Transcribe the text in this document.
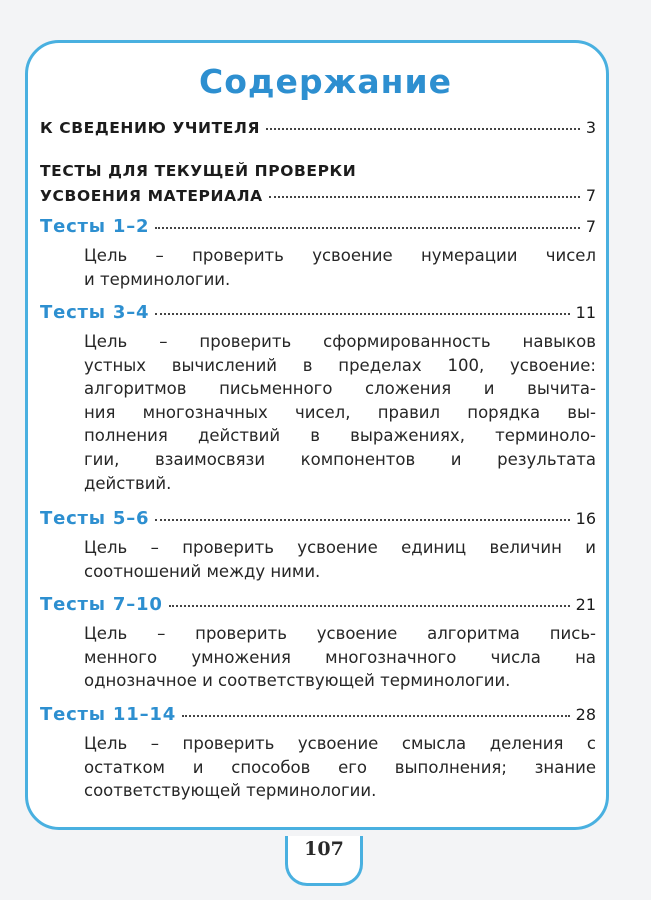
Содержание
К СВЕДЕНИЮ УЧИТЕЛЯ	3
ТЕСТЫ ДЛЯ ТЕКУЩЕЙ ПРОВЕРКИ
УСВОЕНИЯ МАТЕРИАЛА	7
Тесты 1–2	7
Цель – проверить усвоение нумерации чисел
и терминологии.
Тесты 3–4	11
Цель – проверить сформированность навыков
устных вычислений в пределах 100, усвоение:
алгоритмов письменного сложения и вычита-
ния многозначных чисел, правил порядка вы-
полнения действий в выражениях, терминоло-
гии, взаимосвязи компонентов и результата
действий.
Тесты 5–6	16
Цель – проверить усвоение единиц величин и
соотношений между ними.
Тесты 7–10	21
Цель – проверить усвоение алгоритма пись-
менного умножения многозначного числа на
однозначное и соответствующей терминологии.
Тесты 11–14	28
Цель – проверить усвоение смысла деления с
остатком и способов его выполнения; знание
соответствующей терминологии.
107
